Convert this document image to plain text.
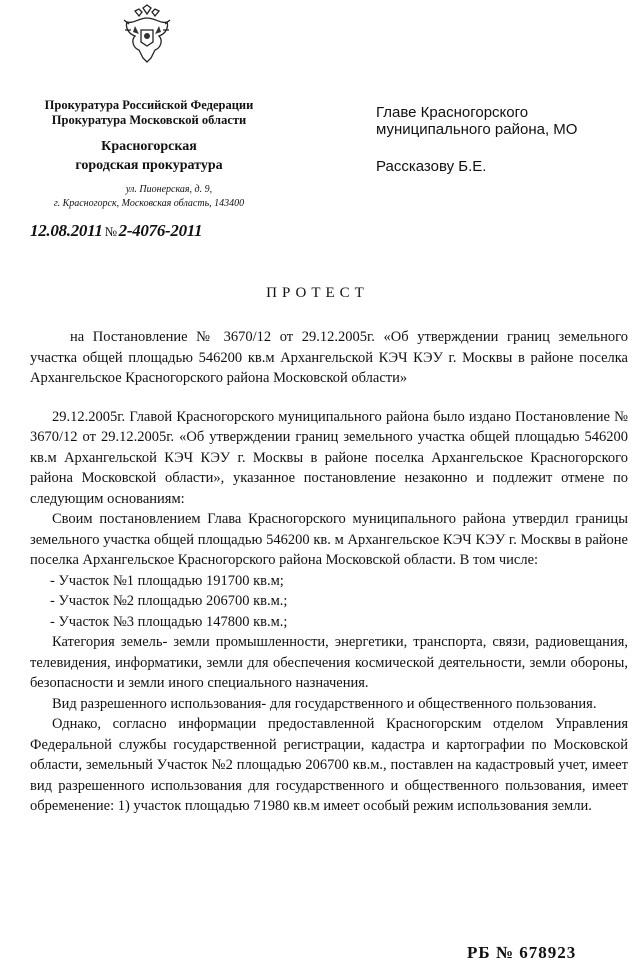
Прокуратура Российской Федерации
Прокуратура Московской области
Красногорская
городская прокуратура
ул. Пионерская, д. 9,
г. Красногорск, Московская область, 143400
12.08.2011 № 2-4076-2011
Главе Красногорского
муниципального района, МО
Рассказову Б.Е.
ПРОТЕСТ

на Постановление № 3670/12 от 29.12.2005г. «Об утверждении границ земельного участка общей площадью 546200 кв.м Архангельской КЭЧ КЭУ г. Москвы в районе поселка Архангельское Красногорского района Московской области»

29.12.2005г. Главой Красногорского муниципального района было издано Постановление № 3670/12 от 29.12.2005г. «Об утверждении границ земельного участка общей площадью 546200 кв.м Архангельской КЭЧ КЭУ г. Москвы в районе поселка Архангельское Красногорского района Московской области», указанное постановление незаконно и подлежит отмене по следующим основаниям:

Своим постановлением Глава Красногорского муниципального района утвердил границы земельного участка общей площадью 546200 кв. м Архангельское КЭЧ КЭУ г. Москвы в районе поселка Архангельское Красногорского района Московской области. В том числе:

- Участок №1 площадью 191700 кв.м;

- Участок №2 площадью 206700 кв.м.;

- Участок №3 площадью 147800 кв.м.;

Категория земель- земли промышленности, энергетики, транспорта, связи, радиовещания, телевидения, информатики, земли для обеспечения космической деятельности, земли обороны, безопасности и земли иного специального назначения.

Вид разрешенного использования- для государственного и общественного пользования.

Однако, согласно информации предоставленной Красногорским отделом Управления Федеральной службы государственной регистрации, кадастра и картографии по Московской области, земельный Участок №2 площадью 206700 кв.м., поставлен на кадастровый учет, имеет вид разрешенного использования для государственного и общественного пользования, имеет обременение: 1) участок площадью 71980 кв.м имеет особый режим использования земли.

РБ № 678923
